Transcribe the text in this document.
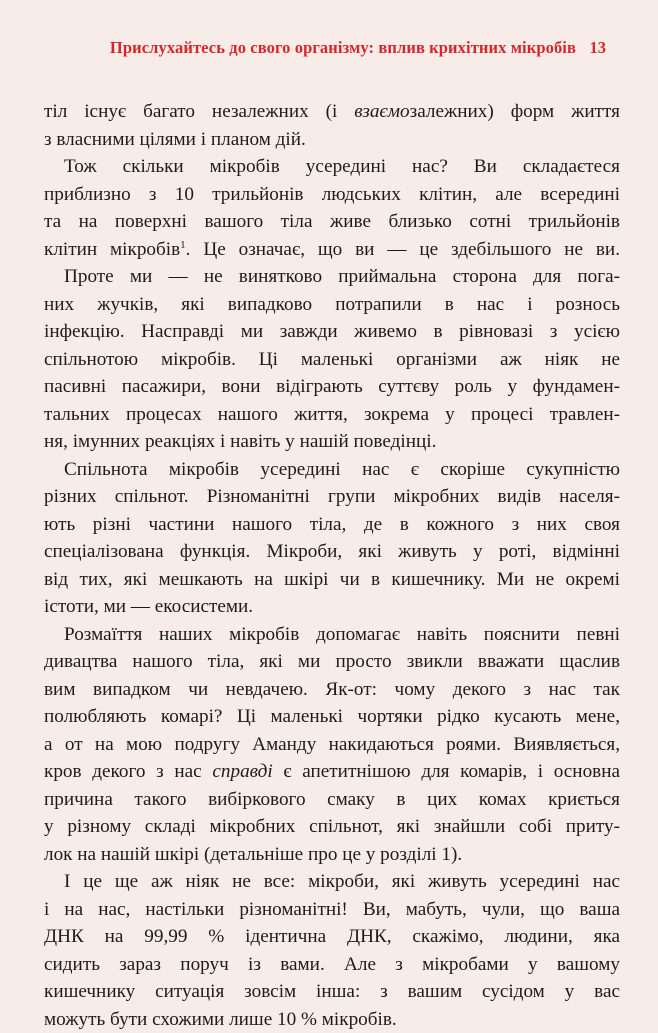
Прислухайтесь до свого організму: вплив крихітних мікробів 13

тіл існує багато незалежних (і взаємозалежних) форм життя
з власними цілями і планом дій.

Тож скільки мікробів усередині нас? Ви складаєтеся
приблизно з 10 трильйонів людських клітин, але всередині
та на поверхні вашого тіла живе близько сотні трильйонів
клітин мікробів$^1$. Це означає, що ви — це здебільшого не ви.

Проте ми — не винятково приймальна сторона для пога-
них жучків, які випадково потрапили в нас і рознось
інфекцію. Насправді ми завжди живемо в рівновазі з усією
спільнотою мікробів. Ці маленькі організми аж ніяк не
пасивні пасажири, вони відіграють суттєву роль у фундамен-
тальних процесах нашого життя, зокрема у процесі травлен-
ня, імунних реакціях і навіть у нашій поведінці.

Спільнота мікробів усередині нас є скоріше сукупністю
різних спільнот. Різноманітні групи мікробних видів населя-
ють різні частини нашого тіла, де в кожного з них своя
спеціалізована функція. Мікроби, які живуть у роті, відмінні
від тих, які мешкають на шкірі чи в кишечнику. Ми не окремі
істоти, ми — екосистеми.

Розмаїття наших мікробів допомагає навіть пояснити певні
дивацтва нашого тіла, які ми просто звикли вважати щаслив
вим випадком чи невдачею. Як-от: чому декого з нас так
полюбляють комарі? Ці маленькі чортяки рідко кусають мене,
а от на мою подругу Аманду накидаються роями. Виявляється,
кров декого з нас справді є апетитнішою для комарів, і основна
причина такого вибіркового смаку в цих комах криється
у різному складі мікробних спільнот, які знайшли собі приту-
лок на нашій шкірі (детальніше про це у розділі 1).

І це ще аж ніяк не все: мікроби, які живуть усередині нас
і на нас, настільки різноманітні! Ви, мабуть, чули, що ваша
ДНК на 99,99 % ідентична ДНК, скажімо, людини, яка
сидить зараз поруч із вами. Але з мікробами у вашому
кишечнику ситуація зовсім інша: з вашим сусідом у вас
можуть бути схожими лише 10 % мікробів.
